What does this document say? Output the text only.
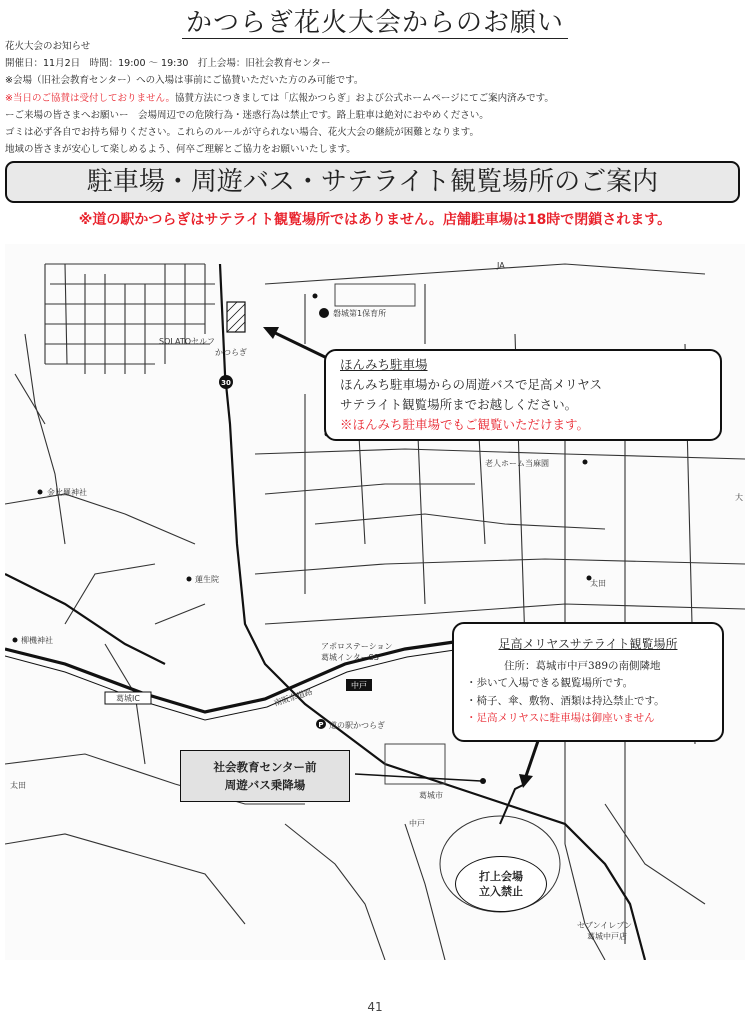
かつらぎ花火大会からのお願い
花火大会のお知らせ
開催日：11月2日　時間：19:00 ～ 19:30　打上会場：旧社会教育センター
※会場（旧社会教育センター）への入場は事前にご協賛いただいた方のみ可能です。
※当日のご協賛は受付しておりません。協賛方法につきましては「広報かつらぎ」および公式ホームページにてご案内済みです。
ーご来場の皆さまへお願いー　会場周辺での危険行為・迷惑行為は禁止です。路上駐車は絶対におやめください。
ゴミは必ず各自でお持ち帰りください。これらのルールが守られない場合、花火大会の継続が困難となります。
地域の皆さまが安心して楽しめるよう、何卒ご理解とご協力をお願いいたします。
駐車場・周遊バス・サテライト観覧場所のご案内
※道の駅かつらぎはサテライト観覧場所ではありません。店舗駐車場は18時で閉鎖されます。
30
P
中戸
葛城IC
JA
磐城第1保育所
SOLATOセルフ
かつらぎ
老人ホーム当麻園
金比羅神社
蓮生院
柳機神社
アポロステーション
葛城インターSS
南阪奈道路
道の駅かつらぎ
葛城市
中戸
太田
太田
大
セブンイレブン
葛城中戸店
ほんみち駐車場
ほんみち駐車場からの周遊バスで足高メリヤス
サテライト観覧場所までお越しください。
※ほんみち駐車場でもご観覧いただけます。
足高メリヤスサテライト観覧場所
住所：葛城市中戸389の南側隣地
・歩いて入場できる観覧場所です。
・椅子、傘、敷物、酒類は持込禁止です。
・足高メリヤスに駐車場は御座いません
社会教育センター前
周遊バス乗降場
打上会場
立入禁止
41
